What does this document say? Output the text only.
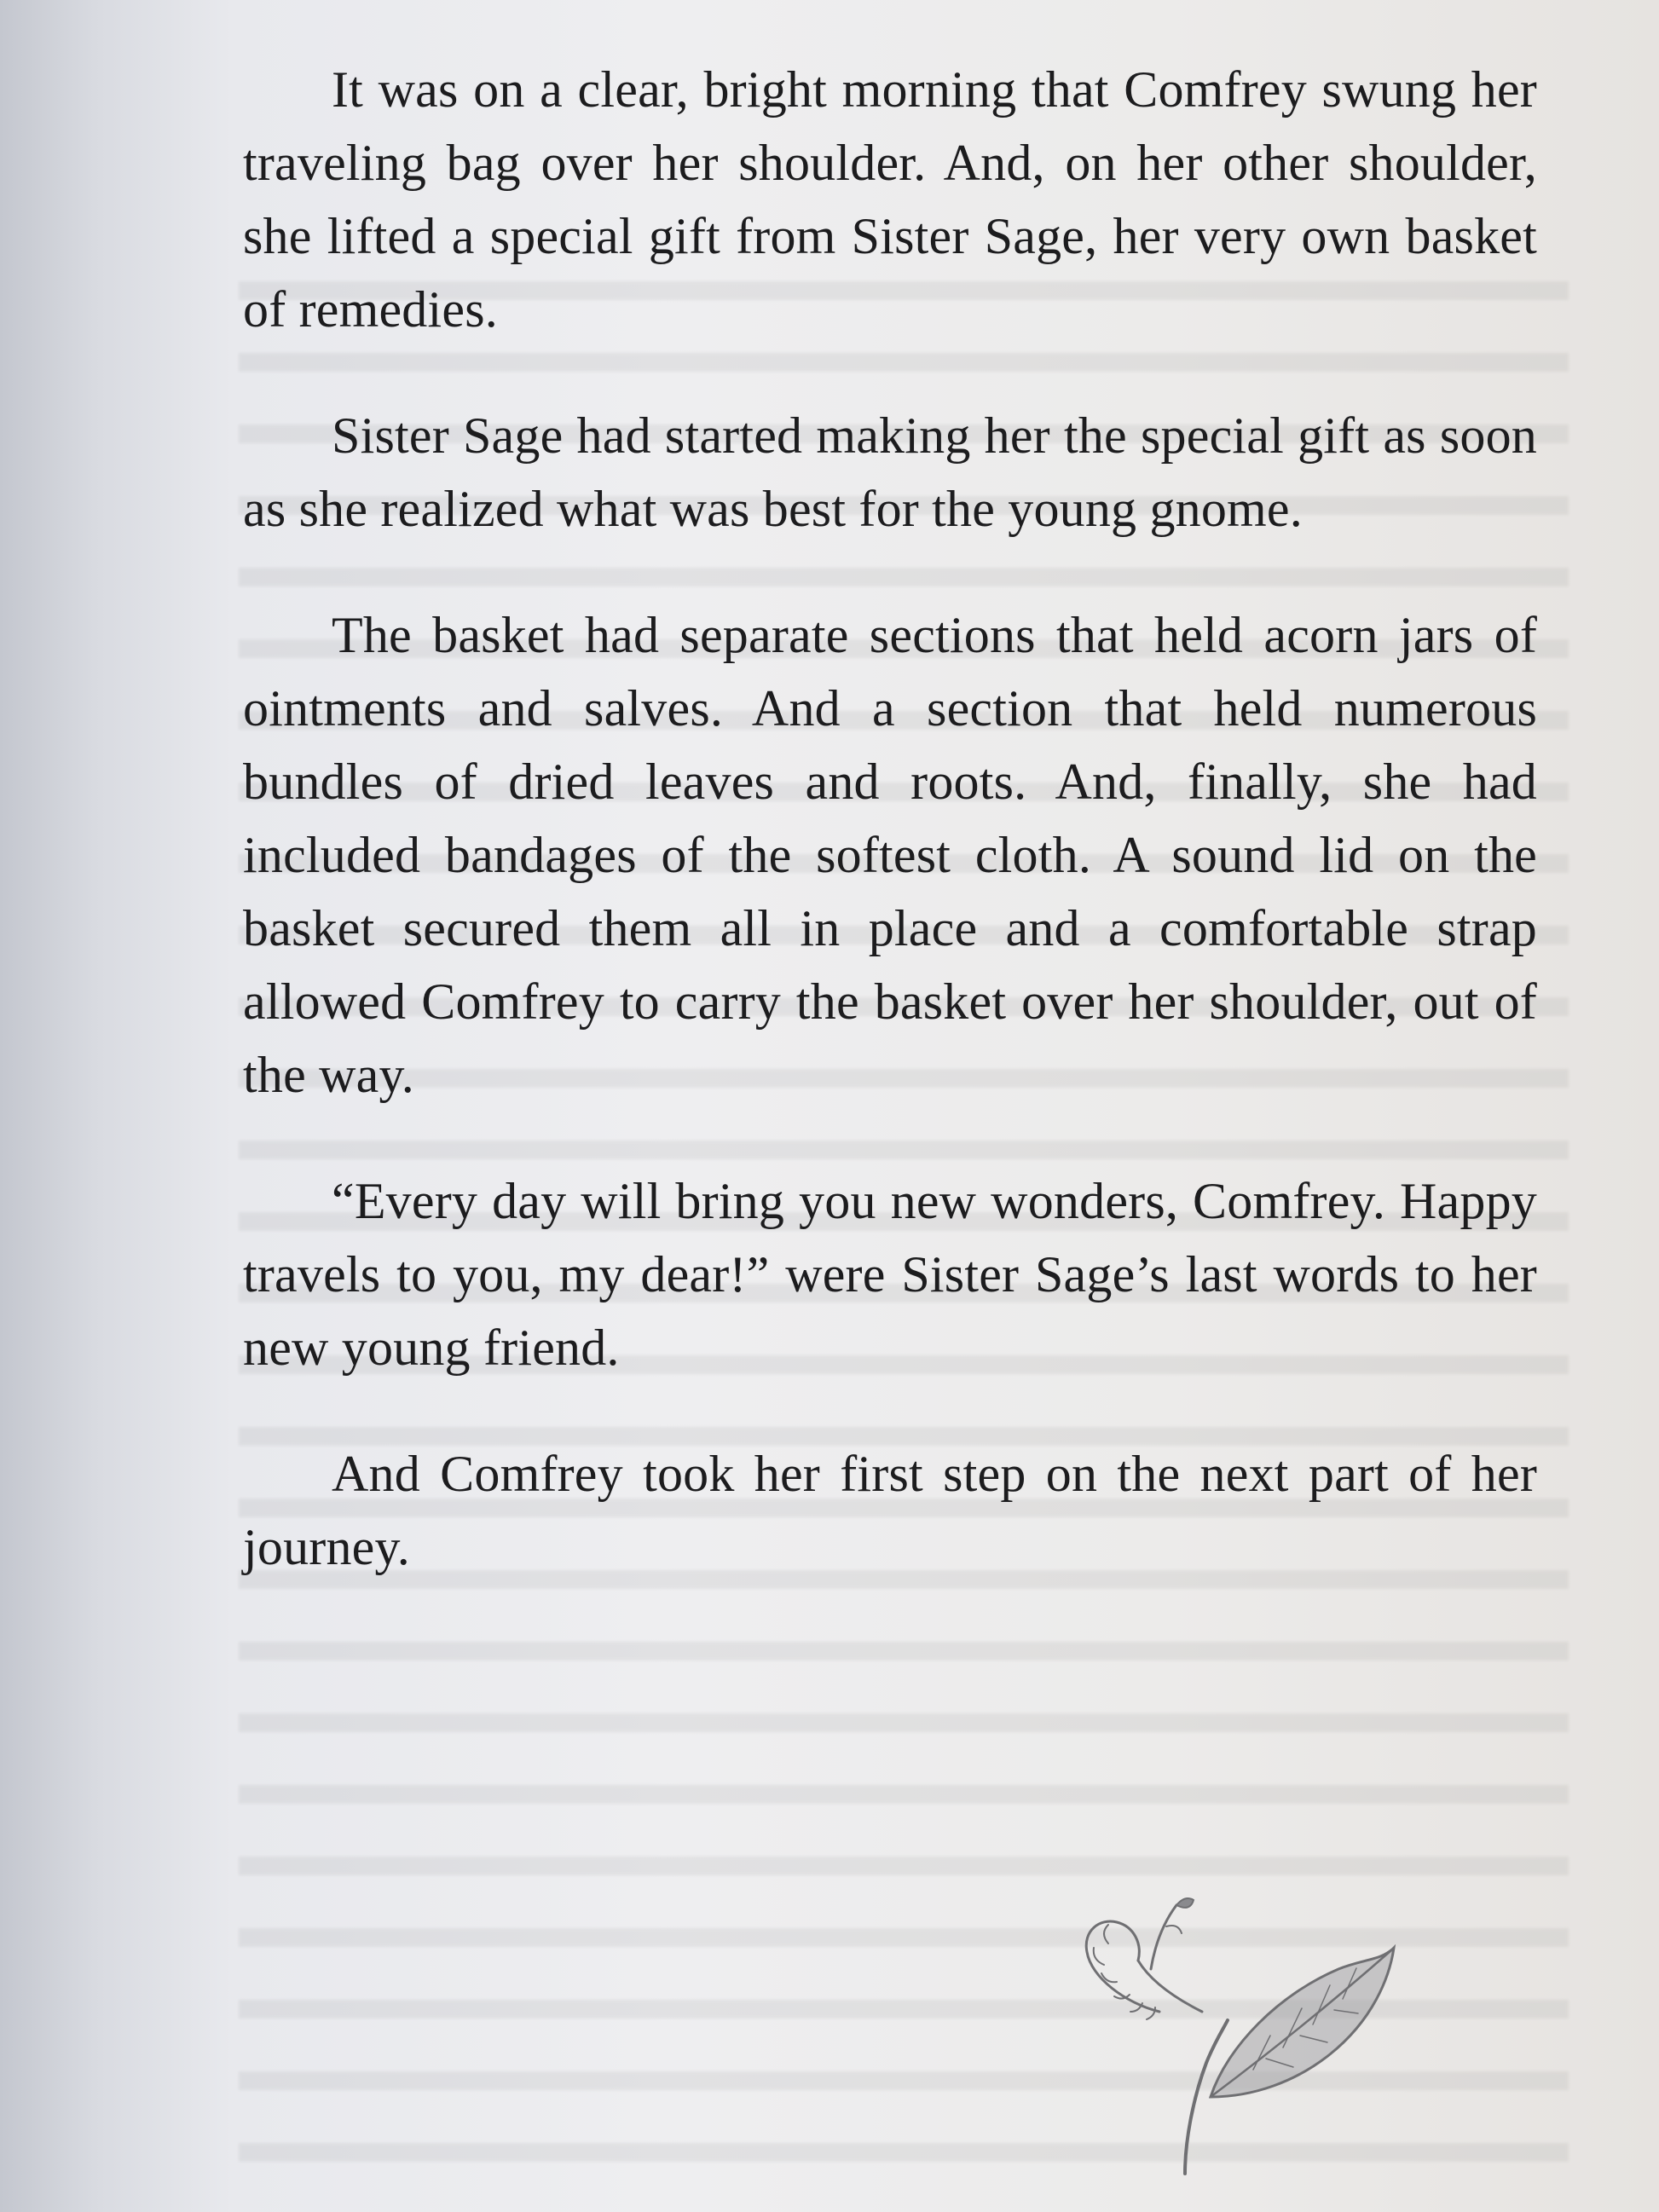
It was on a clear, bright morning that Comfrey swung her traveling bag over her shoulder. And, on her other shoulder, she lifted a special gift from Sister Sage, her very own basket of remedies.

Sister Sage had started making her the special gift as soon as she realized what was best for the young gnome.

The basket had separate sections that held acorn jars of ointments and salves. And a section that held numerous bundles of dried leaves and roots. And, finally, she had included bandages of the softest cloth. A sound lid on the basket secured them all in place and a comfortable strap allowed Comfrey to carry the basket over her shoulder, out of the way.

“Every day will bring you new wonders, Comfrey. Happy travels to you, my dear!” were Sister Sage’s last words to her new young friend.

And Comfrey took her first step on the next part of her journey.
